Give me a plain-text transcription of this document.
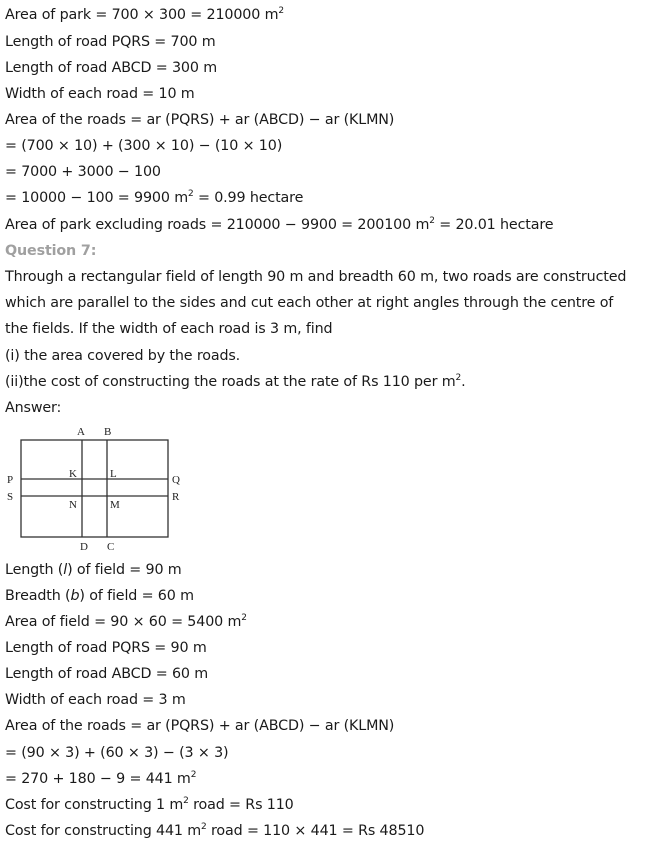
Area of park = 700 × 300 = 210000 $m^2$
Length of road PQRS = 700 m
Length of road ABCD = 300 m
Width of each road = 10 m
Area of the roads = ar (PQRS) + ar (ABCD) − ar (KLMN)
= (700 × 10) + (300 × 10) − (10 × 10)
= 7000 + 3000 − 100
= 10000 − 100 = 9900 $m^2 = 0.99$ hectare
Area of park excluding roads = 210000 − 9900 = 200100 $m^2 = 20.01$ hectare
Question 7:
Through a rectangular field of length 90 m and breadth 60 m, two roads are constructed
which are parallel to the sides and cut each other at right angles through the centre of
the fields. If the width of each road is 3 m, find
(i) the area covered by the roads.
(ii)the cost of constructing the roads at the rate of Rs 110 per $m^2$.
Answer:
A B
D C
K	L
N	M
P
S
Q
R
Length (l) of field = 90 m
Breadth (b) of field = 60 m
Area of field = 90 × 60 = 5400 $m^2$
Length of road PQRS = 90 m
Length of road ABCD = 60 m
Width of each road = 3 m
Area of the roads = ar (PQRS) + ar (ABCD) − ar (KLMN)
= (90 × 3) + (60 × 3) − (3 × 3)
= 270 + 180 − 9 = 441 $m^2$
Cost for constructing 1 $m^2$ road = Rs 110
Cost for constructing 441 $m^2$ road = 110 × 441 = Rs 48510
